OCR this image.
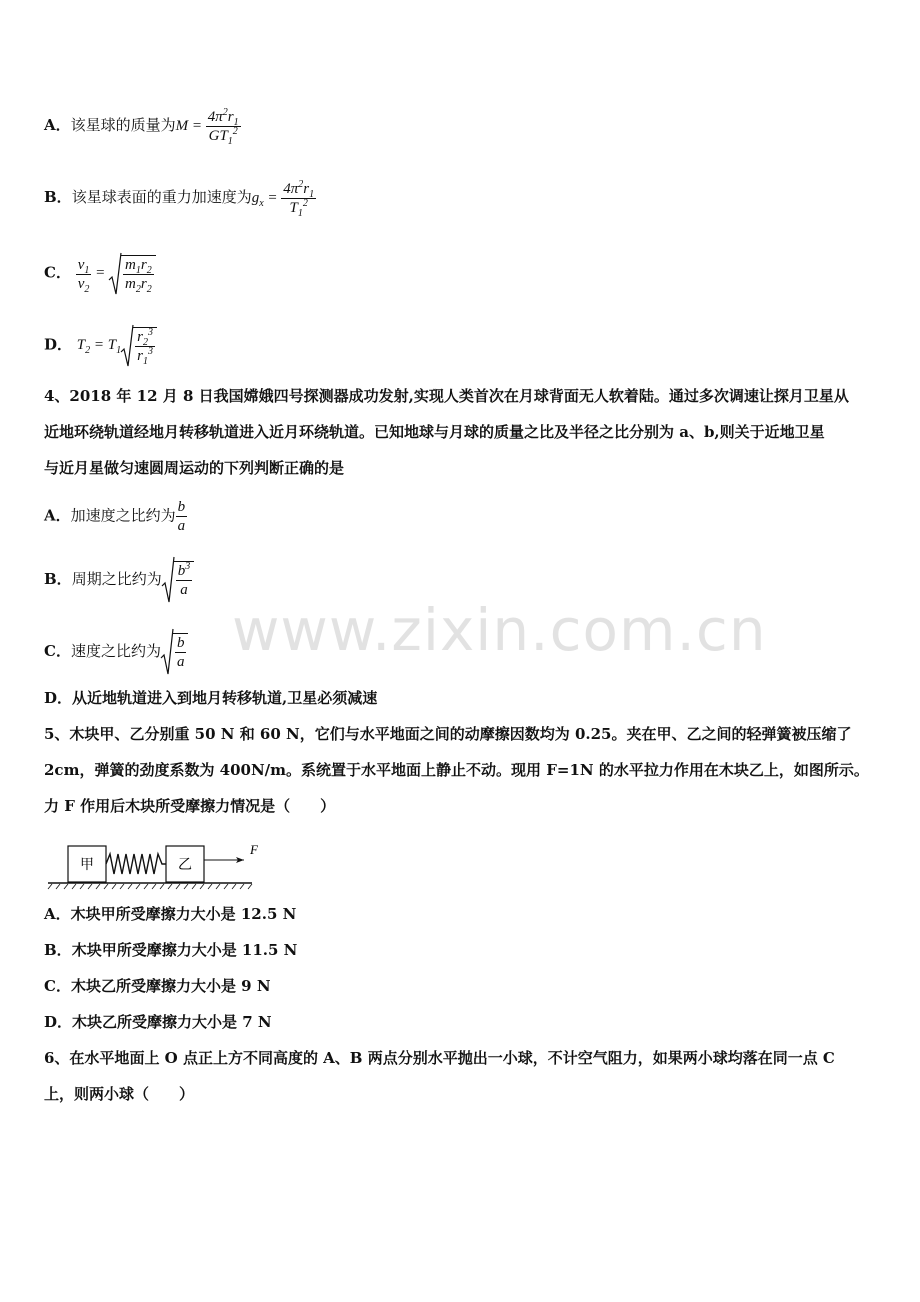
A．该星球的质量为$M = \frac{4\pi^2r_1}{GT_1^2}$
B．该星球表面的重力加速度为$g_x = \frac{4\pi^2r_1}{T_1^2}$
C． $\frac{v_1}{v_2} = \frac{m_1r_2}{m_2r_2}$
D． $T_2 = T_1 \frac{r_2^3}{r_1^3}$
4、2018 年 12 月 8 日我国嫦娥四号探测器成功发射,实现人类首次在月球背面无人软着陆。通过多次调速让探月卫星从
近地环绕轨道经地月转移轨道进入近月环绕轨道。已知地球与月球的质量之比及半径之比分别为 a、b,则关于近地卫星
与近月星做匀速圆周运动的下列判断正确的是
A．加速度之比约为 $\frac{b}{a}$
B．周期之比约为 $\frac{b^3}{a}$
C．速度之比约为 $\frac{b}{a}$
D．从近地轨道进入到地月转移轨道,卫星必须减速
5、木块甲、乙分别重 50 N 和 60 N，它们与水平地面之间的动摩擦因数均为 0.25。夹在甲、乙之间的轻弹簧被压缩了
2cm，弹簧的劲度系数为 400N/m。系统置于水平地面上静止不动。现用 F=1N 的水平拉力作用在木块乙上，如图所示。
力 F 作用后木块所受摩擦力情况是（　　）
甲	乙
F
A．木块甲所受摩擦力大小是 12.5 N
B．木块甲所受摩擦力大小是 11.5 N
C．木块乙所受摩擦力大小是 9 N
D．木块乙所受摩擦力大小是 7 N
6、在水平地面上 O 点正上方不同高度的 A、B 两点分别水平抛出一小球，不计空气阻力，如果两小球均落在同一点 C
上，则两小球（　　）
www.zixin.com.cn
